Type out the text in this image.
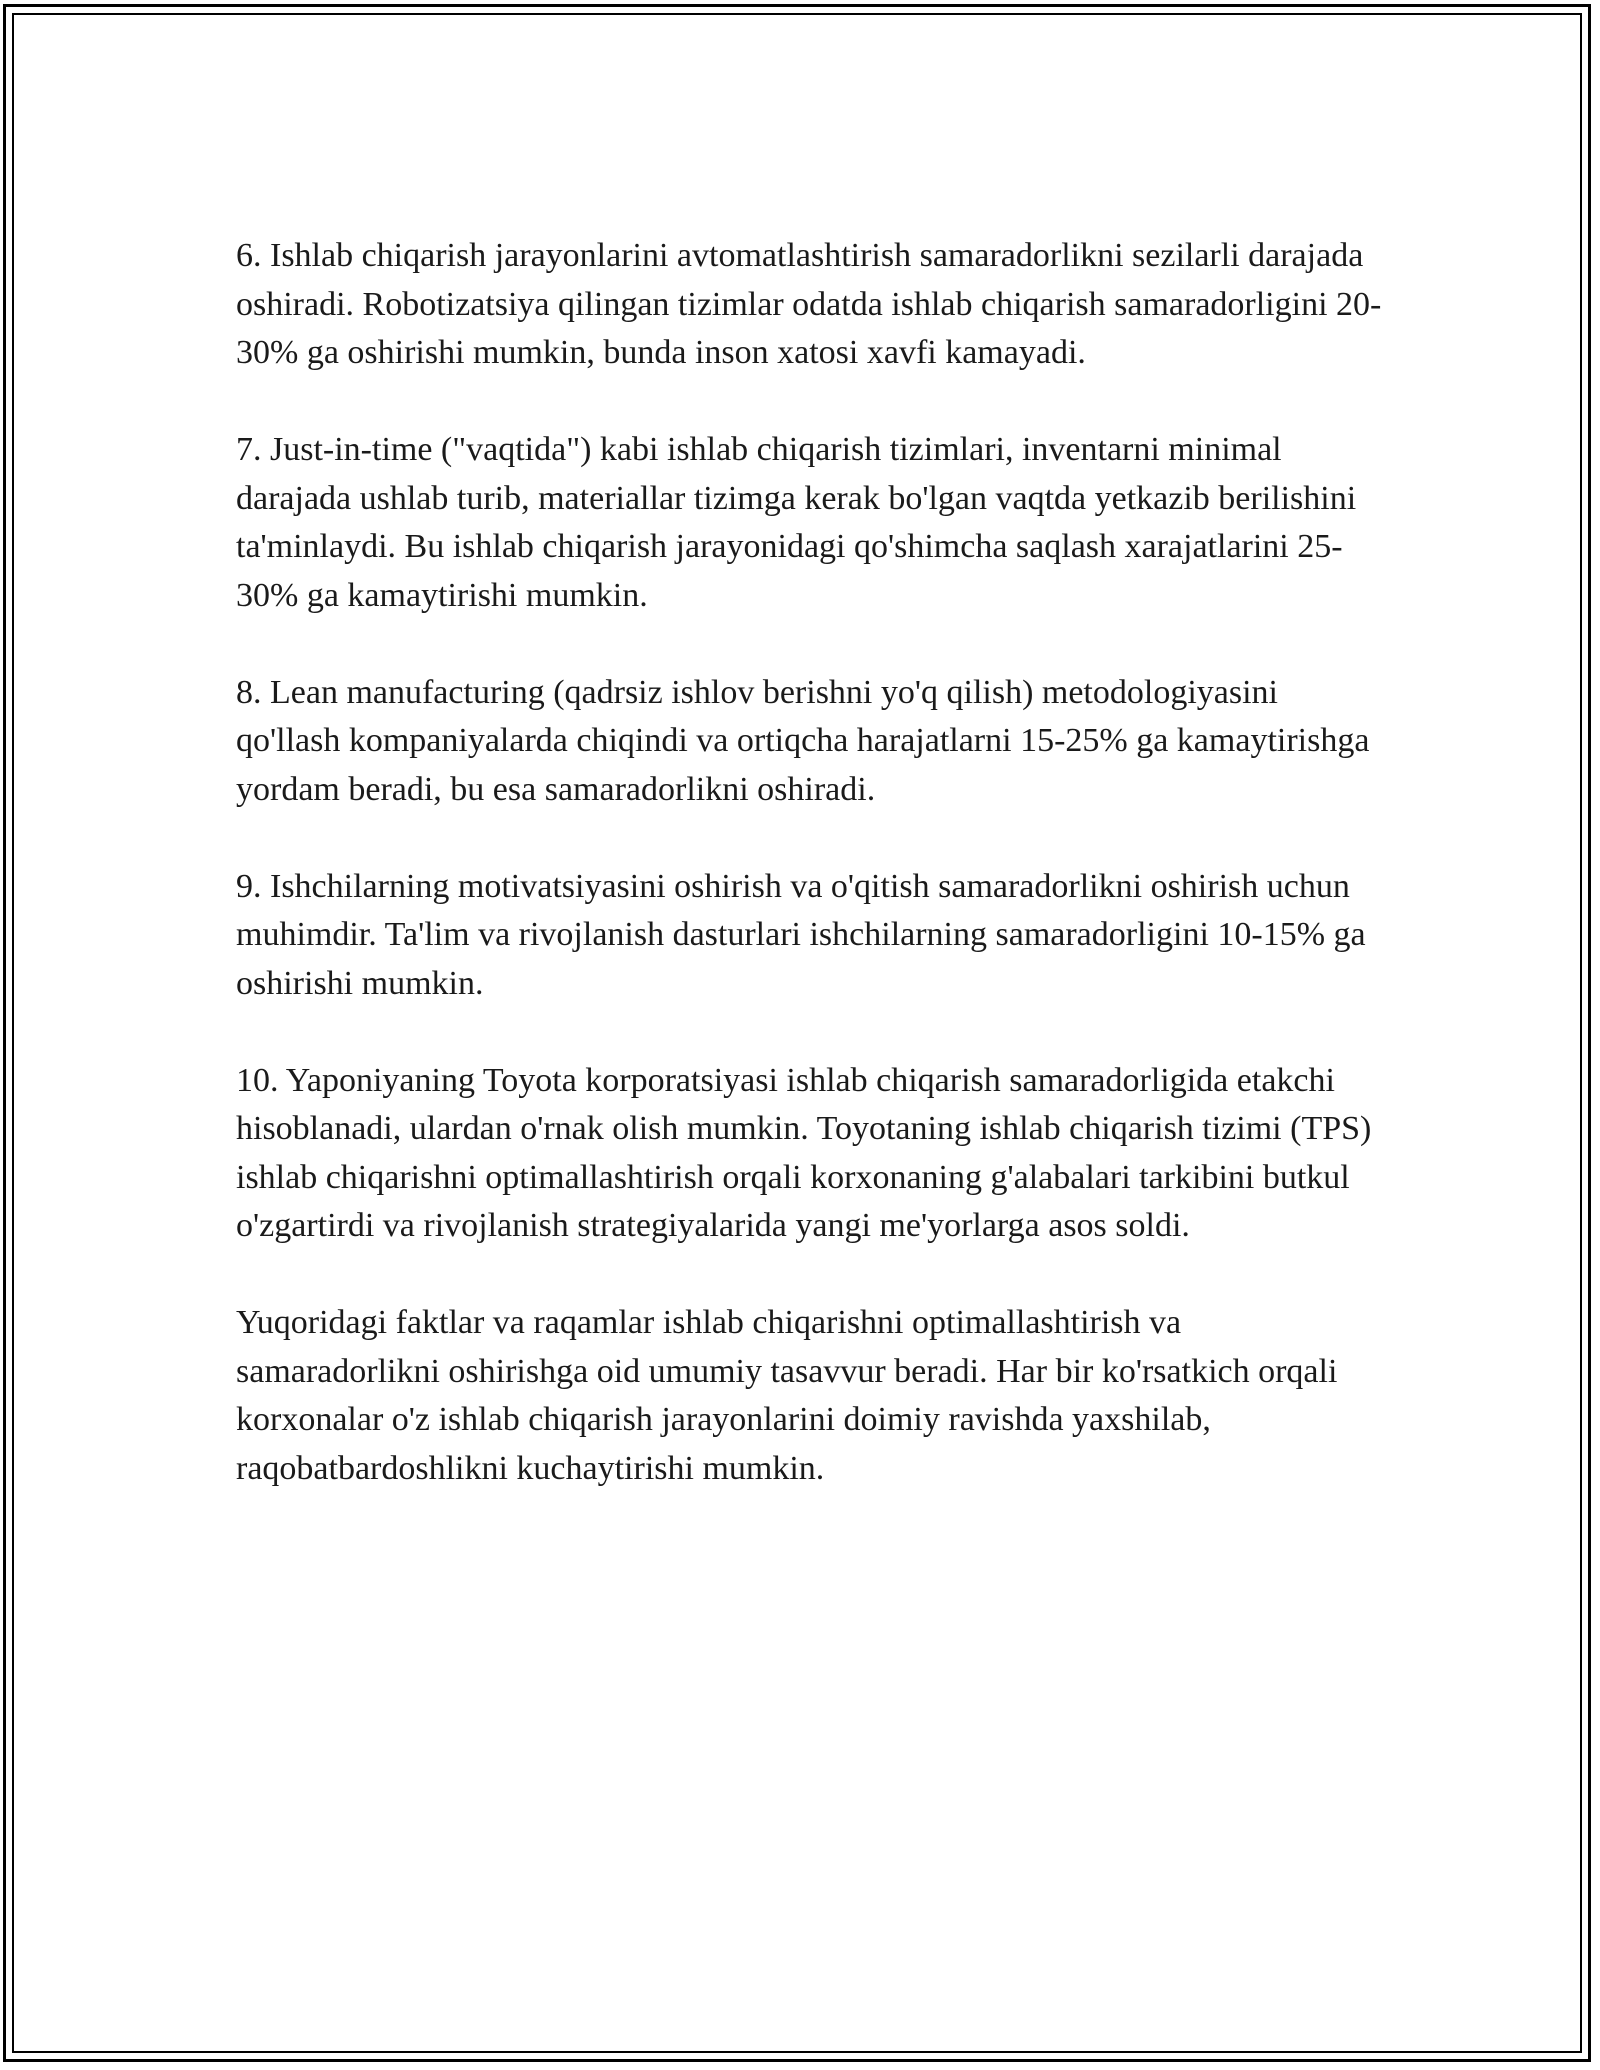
6. Ishlab chiqarish jarayonlarini avtomatlashtirish samaradorlikni sezilarli darajada oshiradi. Robotizatsiya qilingan tizimlar odatda ishlab chiqarish samaradorligini 20-30% ga oshirishi mumkin, bunda inson xatosi xavfi kamayadi.

7. Just-in-time ("vaqtida") kabi ishlab chiqarish tizimlari, inventarni minimal darajada ushlab turib, materiallar tizimga kerak bo'lgan vaqtda yetkazib berilishini ta'minlaydi. Bu ishlab chiqarish jarayonidagi qo'shimcha saqlash xarajatlarini 25-30% ga kamaytirishi mumkin.

8. Lean manufacturing (qadrsiz ishlov berishni yo'q qilish) metodologiyasini qo'llash kompaniyalarda chiqindi va ortiqcha harajatlarni 15-25% ga kamaytirishga yordam beradi, bu esa samaradorlikni oshiradi.

9. Ishchilarning motivatsiyasini oshirish va o'qitish samaradorlikni oshirish uchun muhimdir. Ta'lim va rivojlanish dasturlari ishchilarning samaradorligini 10-15% ga oshirishi mumkin.

10. Yaponiyaning Toyota korporatsiyasi ishlab chiqarish samaradorligida etakchi hisoblanadi, ulardan o'rnak olish mumkin. Toyotaning ishlab chiqarish tizimi (TPS) ishlab chiqarishni optimallashtirish orqali korxonaning g'alabalari tarkibini butkul o'zgartirdi va rivojlanish strategiyalarida yangi me'yorlarga asos soldi.

Yuqoridagi faktlar va raqamlar ishlab chiqarishni optimallashtirish va samaradorlikni oshirishga oid umumiy tasavvur beradi. Har bir ko'rsatkich orqali korxonalar o'z ishlab chiqarish jarayonlarini doimiy ravishda yaxshilab, raqobatbardoshlikni kuchaytirishi mumkin.
